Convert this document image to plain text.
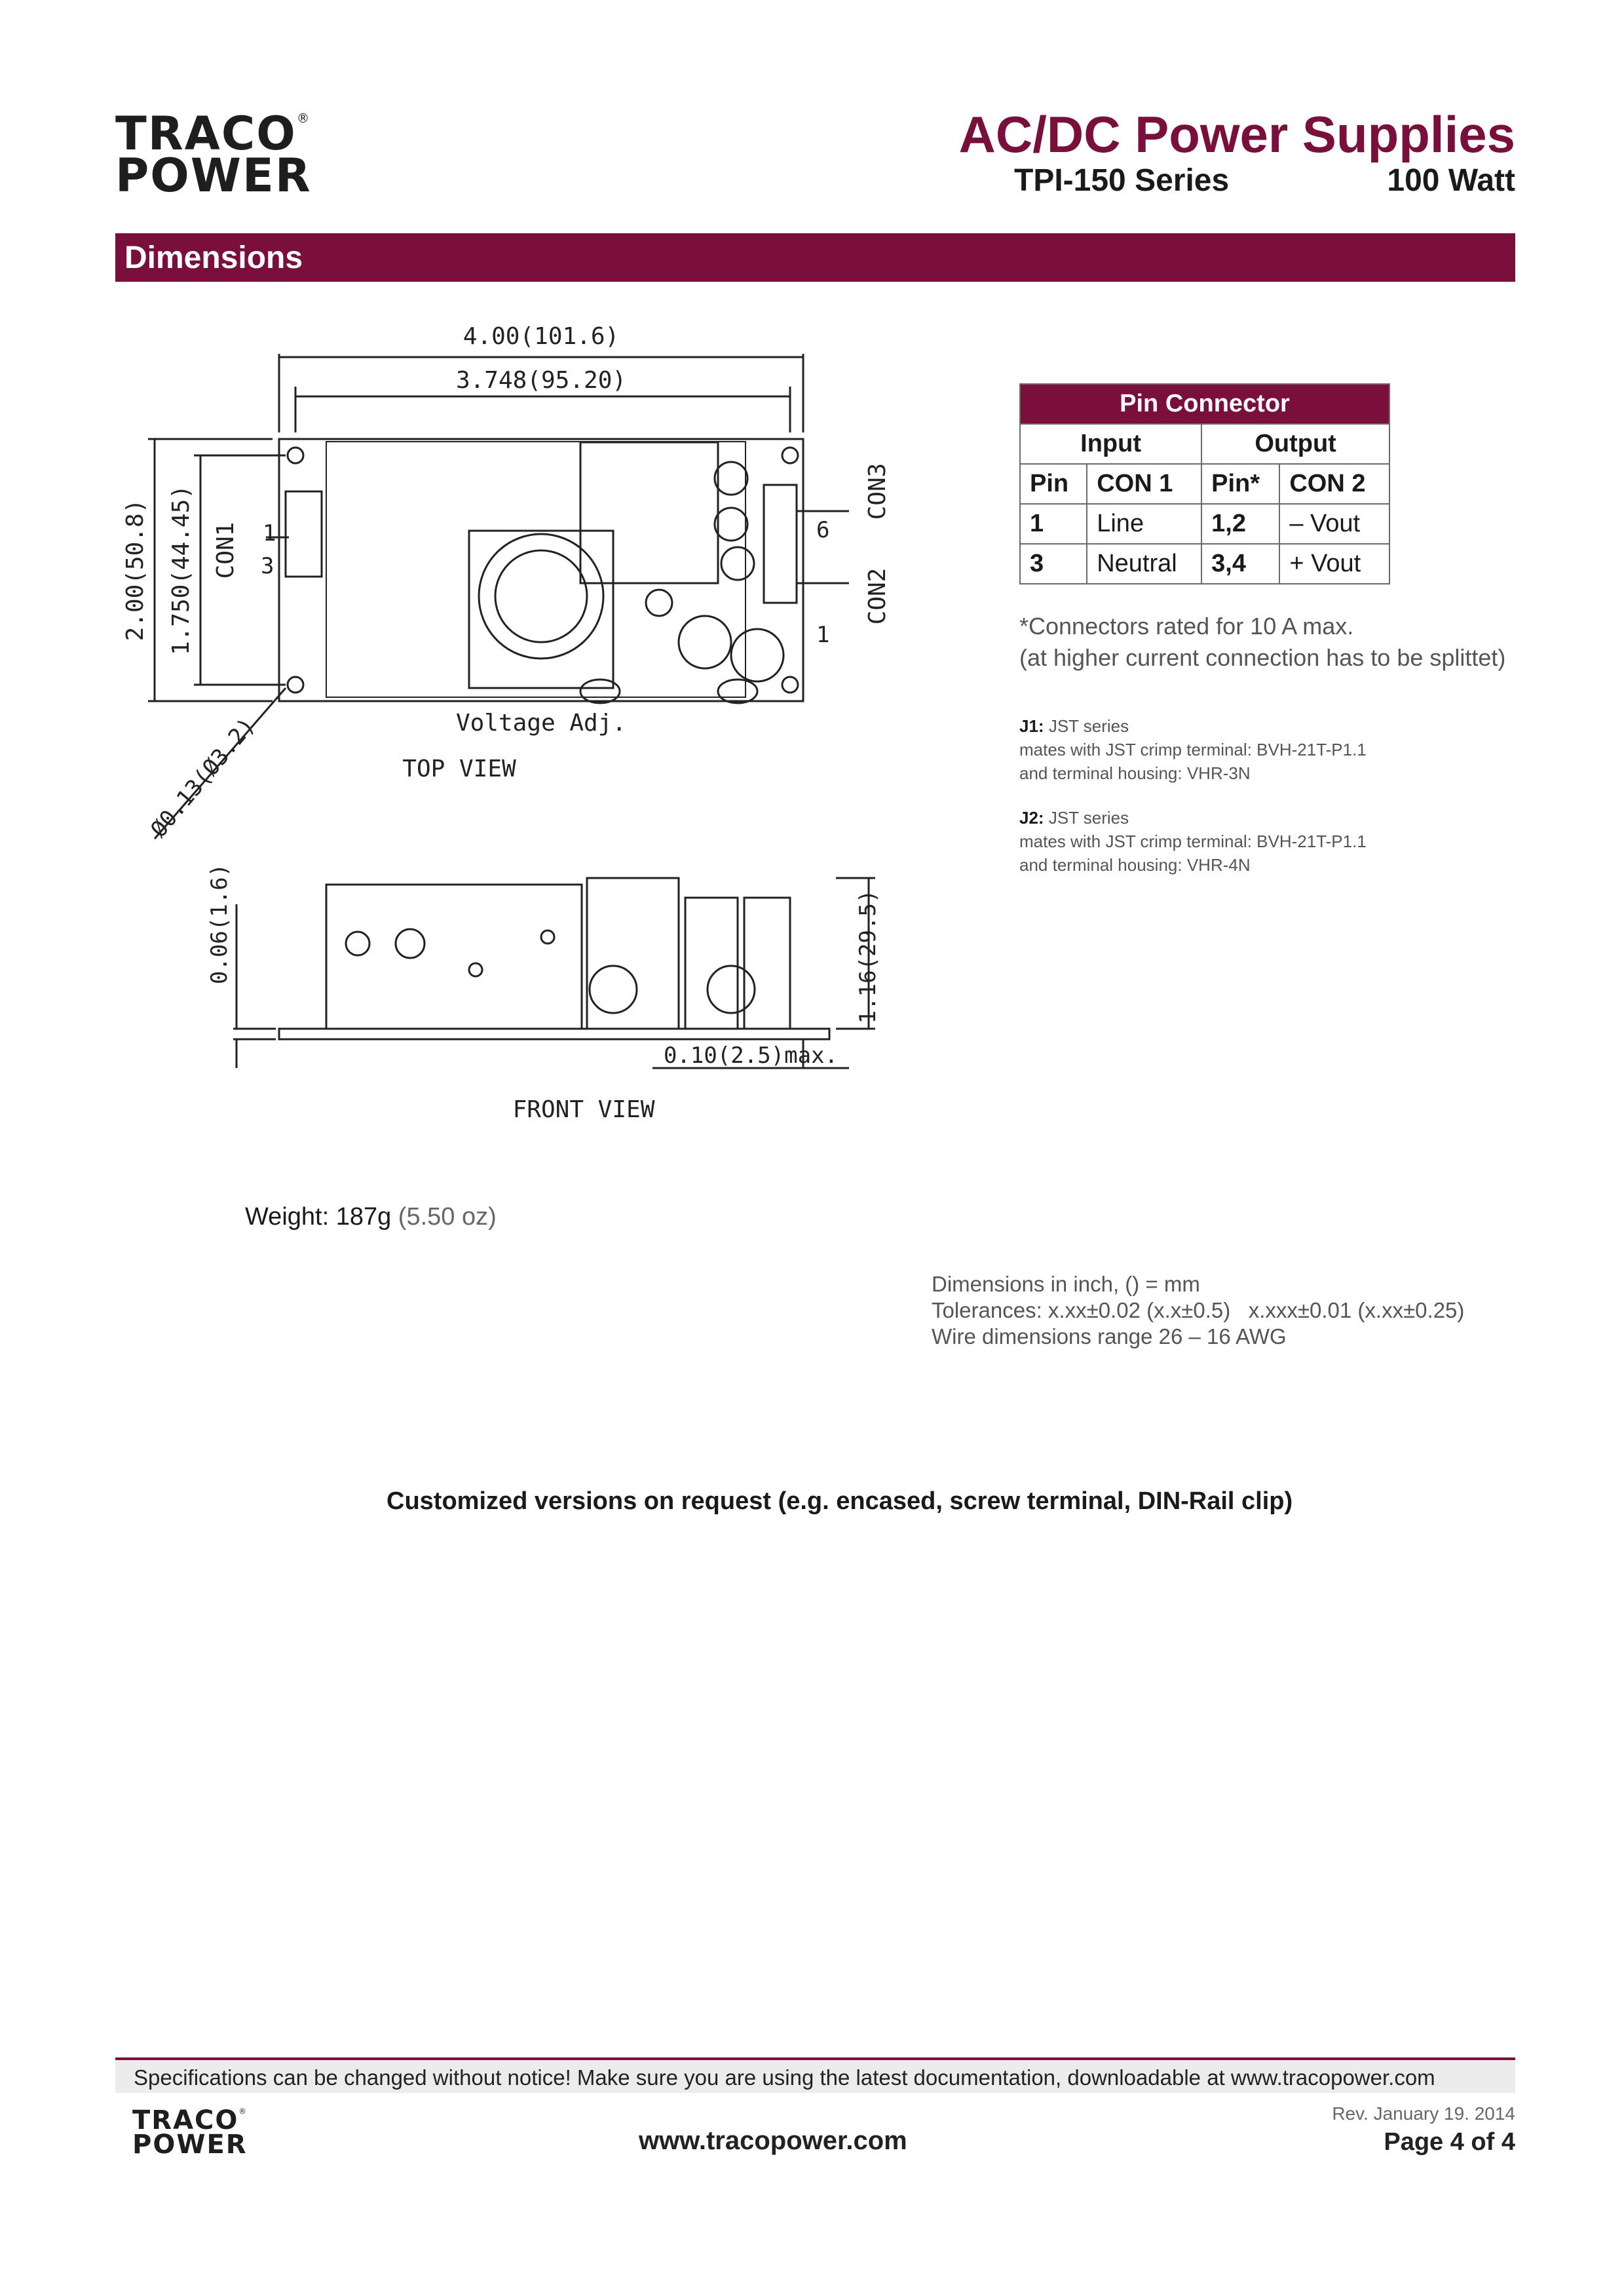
TRACO®
POWER
AC/DC Power Supplies
TPI-150 Series	100 Watt
Dimensions
4.00(101.6)
3.748(95.20)
2.00(50.8) 1.750(44.45) CON1
CON2
CON3
1
3
6
1
Ø0.13(Ø3.2)	Voltage Adj.
TOP VIEW
0.06(1.6)	1.16(29.5)
0.10(2.5)max.
FRONT VIEW
Pin Connector			
Input		Output	
Pin	CON 1	Pin*	CON 2
1	Line	1,2	– Vout
3	Neutral	3,4	+ Vout
*Connectors rated for 10 A max.
(at higher current connection has to be splittet)
J1: JST series
mates with JST crimp terminal: BVH-21T-P1.1
and terminal housing: VHR-3N
J2: JST series
mates with JST crimp terminal: BVH-21T-P1.1
and terminal housing: VHR-4N
Weight: 187g (5.50 oz)
Dimensions in inch, () = mm
Tolerances: x.xx±0.02 (x.x±0.5)   x.xxx±0.01 (x.xx±0.25)
Wire dimensions range 26 – 16 AWG
Customized versions on request (e.g. encased, screw terminal, DIN-Rail clip)
Specifications can be changed without notice! Make sure you are using the latest documentation, downloadable at www.tracopower.com
TRACO®
POWER	www.tracopower.com
Rev. January 19. 2014
Page 4 of 4
